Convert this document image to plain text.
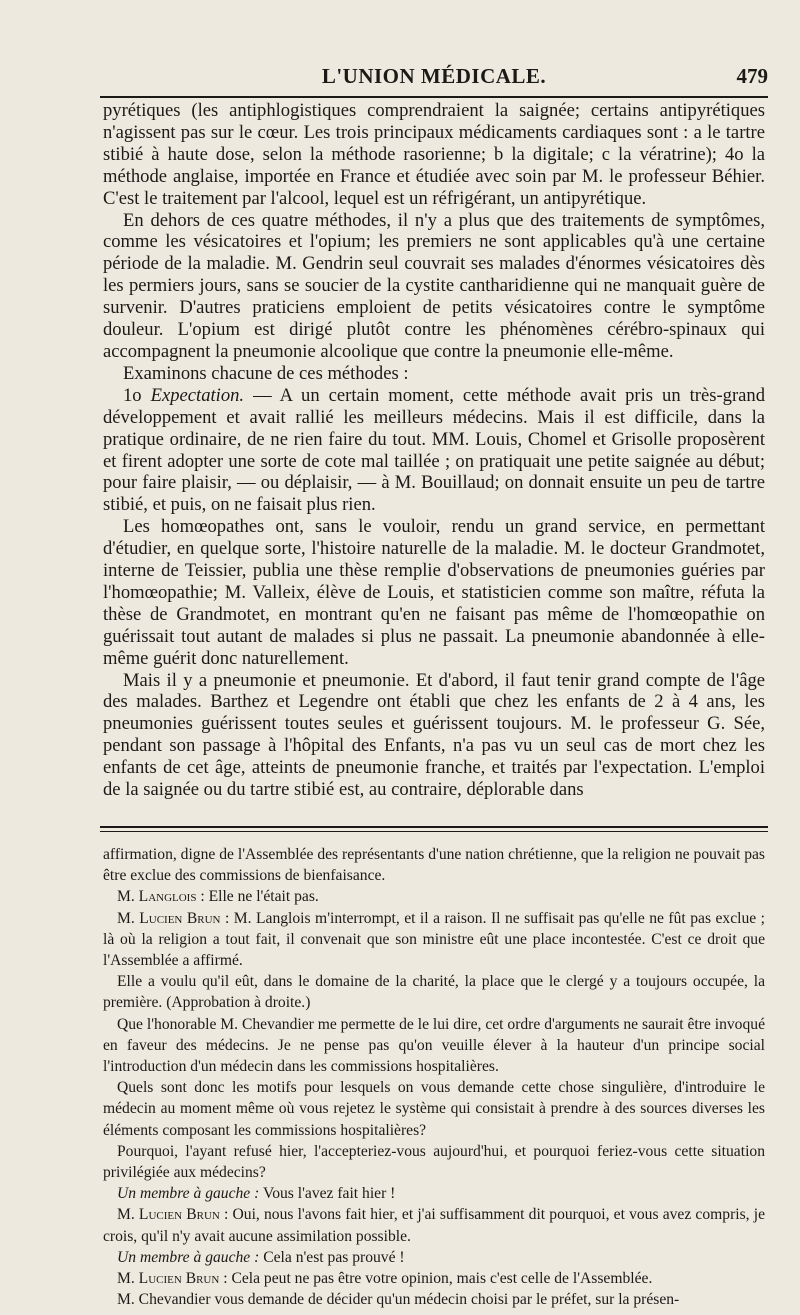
L'UNION MÉDICALE.	479

pyrétiques (les antiphlogistiques comprendraient la saignée; certains antipyrétiques n'agissent pas sur le cœur. Les trois principaux médicaments cardiaques sont : a le tartre stibié à haute dose, selon la méthode rasorienne; b la digitale; c la vératrine); 4o la méthode anglaise, importée en France et étudiée avec soin par M. le professeur Béhier. C'est le traitement par l'alcool, lequel est un réfrigérant, un antipyrétique.

En dehors de ces quatre méthodes, il n'y a plus que des traitements de symptômes, comme les vésicatoires et l'opium; les premiers ne sont applicables qu'à une certaine période de la maladie. M. Gendrin seul couvrait ses malades d'énormes vésicatoires dès les permiers jours, sans se soucier de la cystite cantharidienne qui ne manquait guère de survenir. D'autres praticiens emploient de petits vésicatoires contre le symptôme douleur. L'opium est dirigé plutôt contre les phénomènes cérébro-spinaux qui accompagnent la pneumonie alcoolique que contre la pneumonie elle-même.

Examinons chacune de ces méthodes :

1o Expectation. — A un certain moment, cette méthode avait pris un très-grand développement et avait rallié les meilleurs médecins. Mais il est difficile, dans la pratique ordinaire, de ne rien faire du tout. MM. Louis, Chomel et Grisolle proposèrent et firent adopter une sorte de cote mal taillée ; on pratiquait une petite saignée au début; pour faire plaisir, — ou déplaisir, — à M. Bouillaud; on donnait ensuite un peu de tartre stibié, et puis, on ne faisait plus rien.

Les homœopathes ont, sans le vouloir, rendu un grand service, en permettant d'étudier, en quelque sorte, l'histoire naturelle de la maladie. M. le docteur Grandmotet, interne de Teissier, publia une thèse remplie d'observations de pneumonies guéries par l'homœopathie; M. Valleix, élève de Louis, et statisticien comme son maître, réfuta la thèse de Grandmotet, en montrant qu'en ne faisant pas même de l'homœopathie on guérissait tout autant de malades si plus ne passait. La pneumonie abandonnée à elle-même guérit donc naturellement.

Mais il y a pneumonie et pneumonie. Et d'abord, il faut tenir grand compte de l'âge des malades. Barthez et Legendre ont établi que chez les enfants de 2 à 4 ans, les pneumonies guérissent toutes seules et guérissent toujours. M. le professeur G. Sée, pendant son passage à l'hôpital des Enfants, n'a pas vu un seul cas de mort chez les enfants de cet âge, atteints de pneumonie franche, et traités par l'expectation. L'emploi de la saignée ou du tartre stibié est, au contraire, déplorable dans

affirmation, digne de l'Assemblée des représentants d'une nation chrétienne, que la religion ne pouvait pas être exclue des commissions de bienfaisance.

M. Langlois : Elle ne l'était pas.

M. Lucien Brun : M. Langlois m'interrompt, et il a raison. Il ne suffisait pas qu'elle ne fût pas exclue ; là où la religion a tout fait, il convenait que son ministre eût une place incontestée. C'est ce droit que l'Assemblée a affirmé.

Elle a voulu qu'il eût, dans le domaine de la charité, la place que le clergé y a toujours occupée, la première. (Approbation à droite.)

Que l'honorable M. Chevandier me permette de le lui dire, cet ordre d'arguments ne saurait être invoqué en faveur des médecins. Je ne pense pas qu'on veuille élever à la hauteur d'un principe social l'introduction d'un médecin dans les commissions hospitalières.

Quels sont donc les motifs pour lesquels on vous demande cette chose singulière, d'introduire le médecin au moment même où vous rejetez le système qui consistait à prendre à des sources diverses les éléments composant les commissions hospitalières?

Pourquoi, l'ayant refusé hier, l'accepteriez-vous aujourd'hui, et pourquoi feriez-vous cette situation privilégiée aux médecins?

Un membre à gauche : Vous l'avez fait hier !

M. Lucien Brun : Oui, nous l'avons fait hier, et j'ai suffisamment dit pourquoi, et vous avez compris, je crois, qu'il n'y avait aucune assimilation possible.

Un membre à gauche : Cela n'est pas prouvé !

M. Lucien Brun : Cela peut ne pas être votre opinion, mais c'est celle de l'Assemblée.

M. Chevandier vous demande de décider qu'un médecin choisi par le préfet, sur la présen-
